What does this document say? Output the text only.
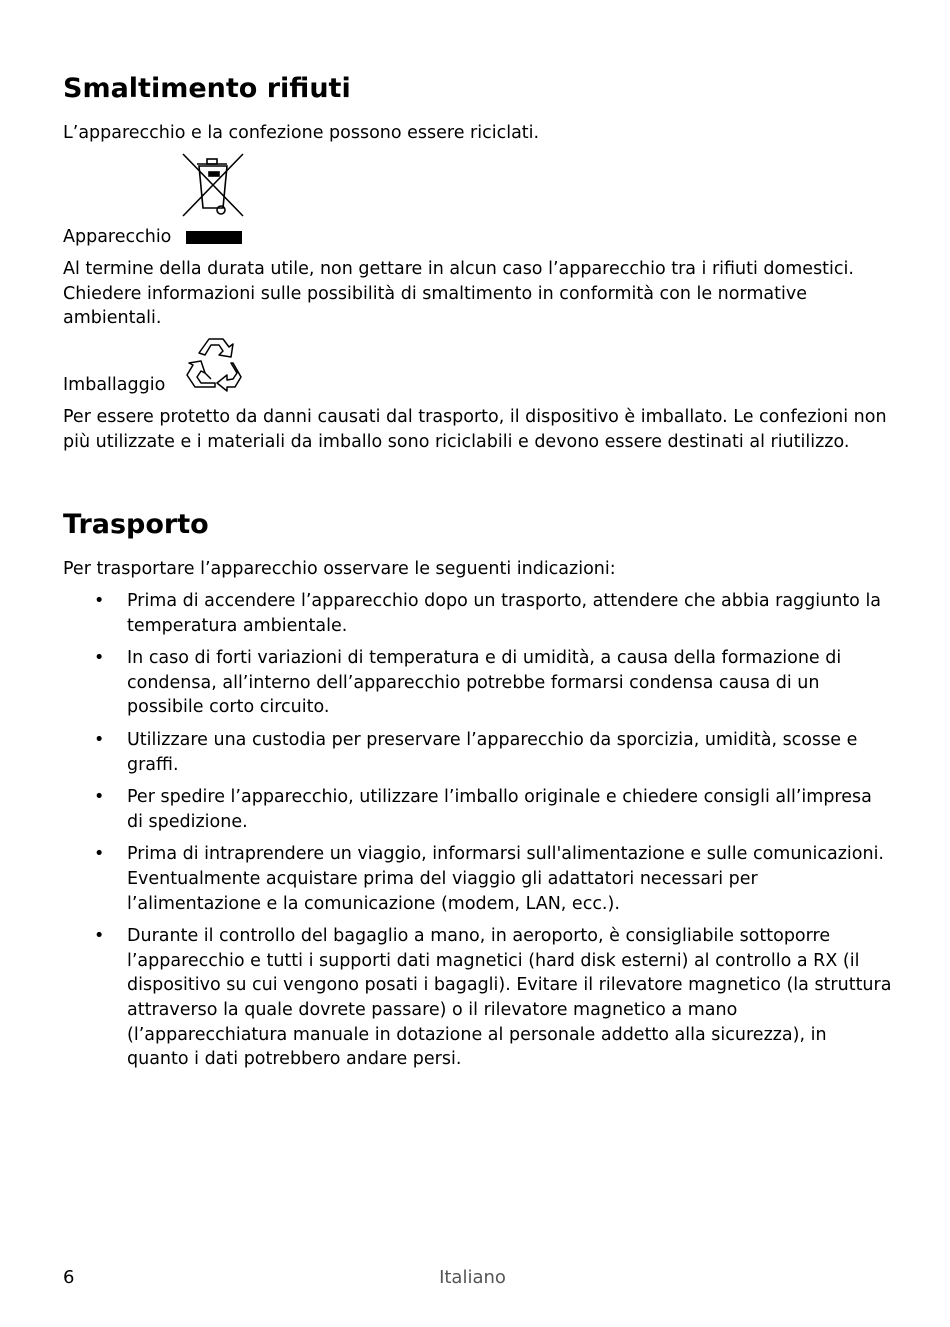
Smaltimento rifiuti

L’apparecchio e la confezione possono essere riciclati.

Apparecchio

Al termine della durata utile, non gettare in alcun caso l’apparecchio tra i rifiuti domestici. Chiedere informazioni sulle possibilità di smaltimento in conformità con le normative ambientali.

Imballaggio

Per essere protetto da danni causati dal trasporto, il dispositivo è imballato. Le confezioni non più utilizzate e i materiali da imballo sono riciclabili e devono essere destinati al riutilizzo.

Trasporto

Per trasportare l’apparecchio osservare le seguenti indicazioni:

• Prima di accendere l’apparecchio dopo un trasporto, attendere che abbia raggiunto la temperatura ambientale.
• In caso di forti variazioni di temperatura e di umidità, a causa della formazione di condensa, all’interno dell’apparecchio potrebbe formarsi condensa causa di un possibile corto circuito.
• Utilizzare una custodia per preservare l’apparecchio da sporcizia, umidità, scosse e graffi.
• Per spedire l’apparecchio, utilizzare l’imballo originale e chiedere consigli all’impresa di spedizione.
• Prima di intraprendere un viaggio, informarsi sull'alimentazione e sulle comunicazioni. Eventualmente acquistare prima del viaggio gli adattatori necessari per l’alimentazione e la comunicazione (modem, LAN, ecc.).
• Durante il controllo del bagaglio a mano, in aeroporto, è consigliabile sottoporre l’apparecchio e tutti i supporti dati magnetici (hard disk esterni) al controllo a RX (il dispositivo su cui vengono posati i bagagli). Evitare il rilevatore magnetico (la struttura attraverso la quale dovrete passare) o il rilevatore magnetico a mano (l’apparecchiatura manuale in dotazione al personale addetto alla sicurezza), in quanto i dati potrebbero andare persi.
6	Italiano
